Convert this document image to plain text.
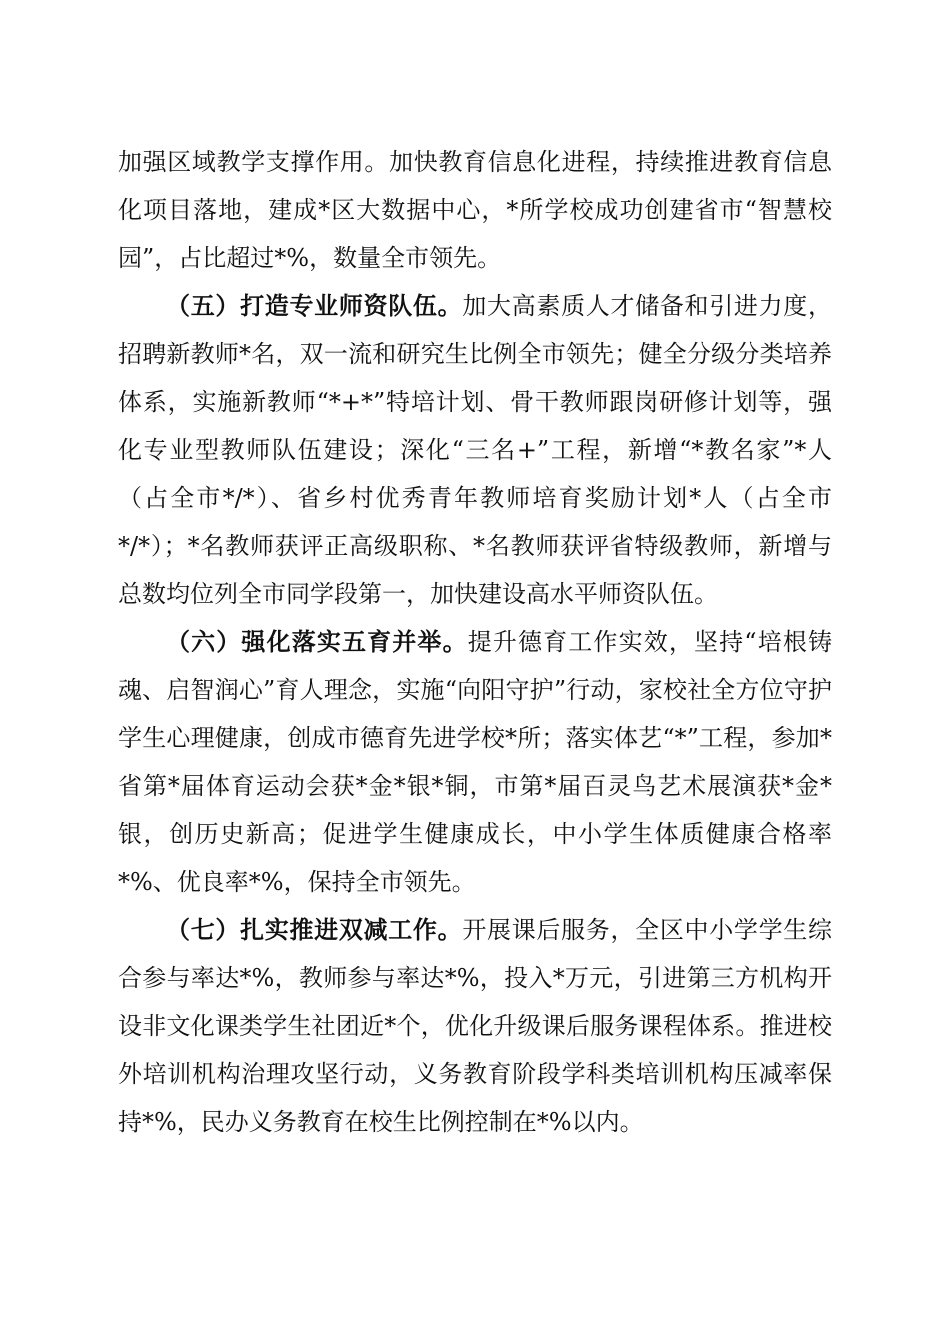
加强区域教学支撑作用。加快教育信息化进程，持续推进教育信息化项目落地，建成*区大数据中心，*所学校成功创建省市“智慧校园”，占比超过*%，数量全市领先。

（五）打造专业师资队伍。加大高素质人才储备和引进力度，招聘新教师*名，双一流和研究生比例全市领先；健全分级分类培养体系，实施新教师“*+*”特培计划、骨干教师跟岗研修计划等，强化专业型教师队伍建设；深化“三名+”工程，新增“*教名家”*人（占全市*/*）、省乡村优秀青年教师培育奖励计划*人（占全市*/*）；*名教师获评正高级职称、*名教师获评省特级教师，新增与总数均位列全市同学段第一，加快建设高水平师资队伍。

（六）强化落实五育并举。提升德育工作实效，坚持“培根铸魂、启智润心”育人理念，实施“向阳守护”行动，家校社全方位守护学生心理健康，创成市德育先进学校*所；落实体艺“*”工程，参加*省第*届体育运动会获*金*银*铜，市第*届百灵鸟艺术展演获*金*银，创历史新高；促进学生健康成长，中小学生体质健康合格率*%、优良率*%，保持全市领先。

（七）扎实推进双减工作。开展课后服务，全区中小学学生综合参与率达*%，教师参与率达*%，投入*万元，引进第三方机构开设非文化课类学生社团近*个，优化升级课后服务课程体系。推进校外培训机构治理攻坚行动，义务教育阶段学科类培训机构压减率保持*%，民办义务教育在校生比例控制在*%以内。
